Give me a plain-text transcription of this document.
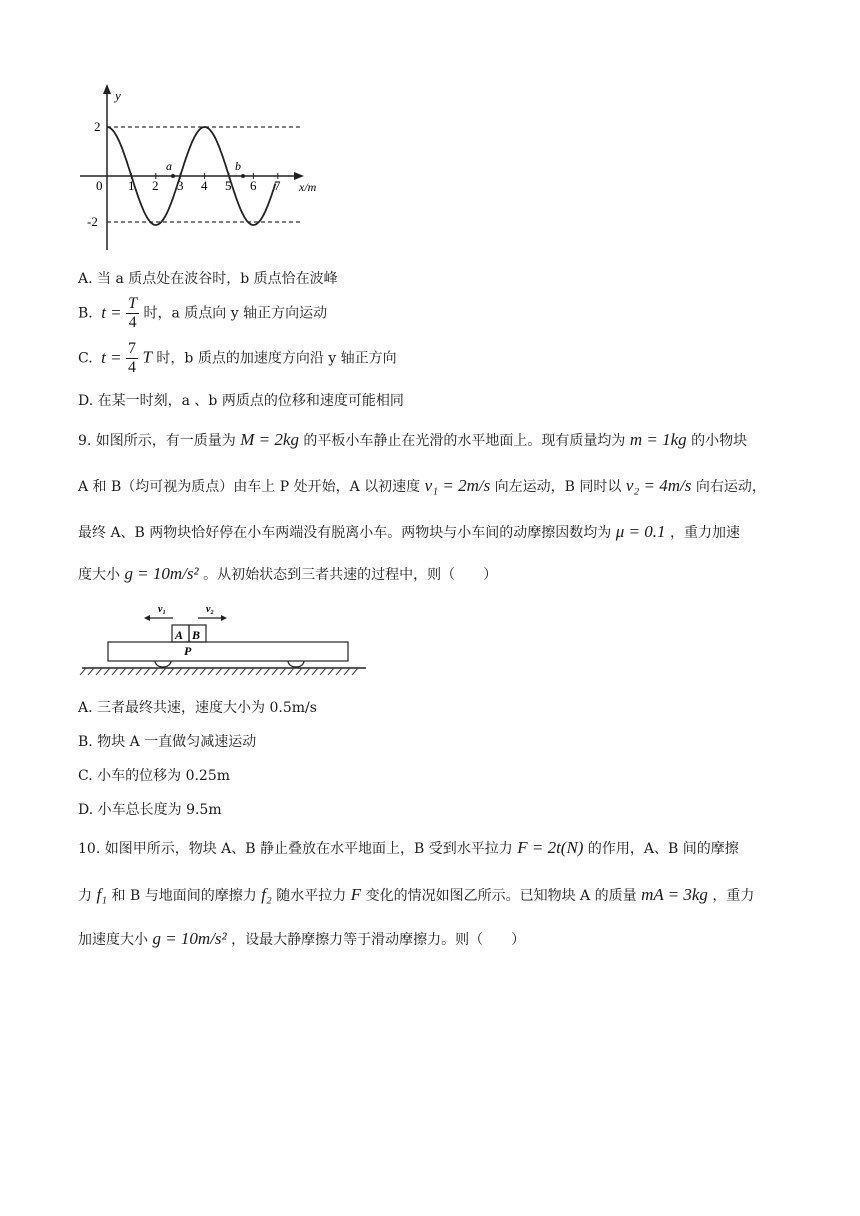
y
x/m
2
-2
0 1 2 3 4 5 6 7
a	b
A. 当 a 质点处在波谷时，b 质点恰在波峰
B. $t = \frac{T}{4}$ 时，a 质点向 y 轴正方向运动
C. $t = \frac{7}{4}$ T 时，b 质点的加速度方向沿 y 轴正方向
D. 在某一时刻，a 、b 两质点的位移和速度可能相同
9. 如图所示，有一质量为 M = 2kg 的平板小车静止在光滑的水平地面上。现有质量均为 m = 1kg 的小物块
A 和 B（均可视为质点）由车上 P 处开始，A 以初速度 v₁ = 2m/s 向左运动，B 同时以 v₂ = 4m/s 向右运动，
最终 A、B 两物块恰好停在小车两端没有脱离小车。两物块与小车间的动摩擦因数均为 μ = 0.1 ，重力加速
度大小 g = 10m/s² 。从初始状态到三者共速的过程中，则（　　）
v₁	v₂
A B
P
A. 三者最终共速，速度大小为 0.5m/s
B. 物块 A 一直做匀减速运动
C. 小车的位移为 0.25m
D. 小车总长度为 9.5m
10. 如图甲所示，物块 A、B 静止叠放在水平地面上，B 受到水平拉力 F = 2t(N) 的作用，A、B 间的摩擦
力 f₁ 和 B 与地面间的摩擦力 f₂ 随水平拉力 F 变化的情况如图乙所示。已知物块 A 的质量 mA = 3kg ，重力
加速度大小 g = 10m/s² ，设最大静摩擦力等于滑动摩擦力。则（　　）
